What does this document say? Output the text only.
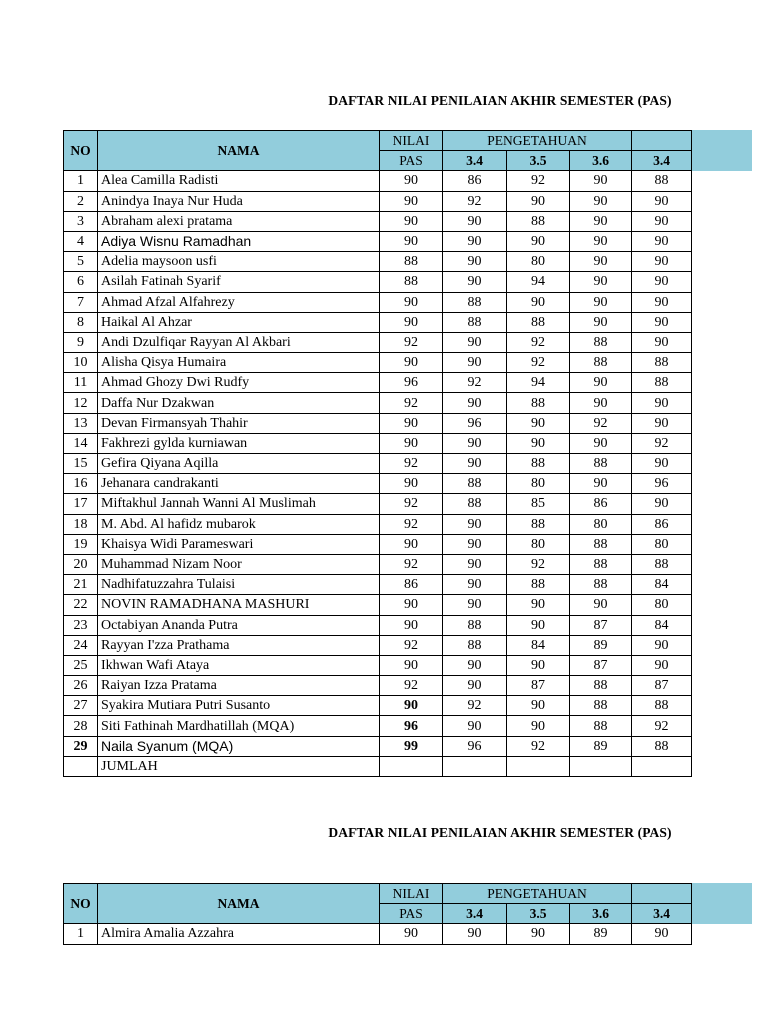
DAFTAR NILAI PENILAIAN AKHIR SEMESTER (PAS)
NO	NAMA	NILAI	PENGETAHUAN			
		PAS	3.4	3.5	3.6	3.4
1	Alea Camilla Radisti	90	86	92	90	88
2	Anindya Inaya Nur Huda	90	92	90	90	90
3	Abraham alexi pratama	90	90	88	90	90
4	Adiya Wisnu Ramadhan	90	90	90	90	90
5	Adelia maysoon usfi	88	90	80	90	90
6	Asilah Fatinah Syarif	88	90	94	90	90
7	Ahmad Afzal Alfahrezy	90	88	90	90	90
8	Haikal Al Ahzar	90	88	88	90	90
9	Andi Dzulfiqar Rayyan Al Akbari	92	90	92	88	90
10	Alisha Qisya Humaira	90	90	92	88	88
11	Ahmad Ghozy Dwi Rudfy	96	92	94	90	88
12	Daffa Nur Dzakwan	92	90	88	90	90
13	Devan Firmansyah Thahir	90	96	90	92	90
14	Fakhrezi gylda kurniawan	90	90	90	90	92
15	Gefira Qiyana Aqilla	92	90	88	88	90
16	Jehanara candrakanti	90	88	80	90	96
17	Miftakhul Jannah Wanni Al Muslimah	92	88	85	86	90
18	M. Abd. Al hafidz mubarok	92	90	88	80	86
19	Khaisya Widi Parameswari	90	90	80	88	80
20	Muhammad Nizam Noor	92	90	92	88	88
21	Nadhifatuzzahra Tulaisi	86	90	88	88	84
22	NOVIN RAMADHANA MASHURI	90	90	90	90	80
23	Octabiyan Ananda Putra	90	88	90	87	84
24	Rayyan I'zza Prathama	92	88	84	89	90
25	Ikhwan Wafi Ataya	90	90	90	87	90
26	Raiyan Izza Pratama	92	90	87	88	87
27	Syakira Mutiara Putri Susanto	90	92	90	88	88
28	Siti Fathinah Mardhatillah (MQA)	96	90	90	88	92
29	Naila Syanum (MQA)	99	96	92	89	88
	JUMLAH					
DAFTAR NILAI PENILAIAN AKHIR SEMESTER (PAS)
NO	NAMA	NILAI	PENGETAHUAN			
		PAS	3.4	3.5	3.6	3.4
1	Almira Amalia Azzahra	90	90	90	89	90
